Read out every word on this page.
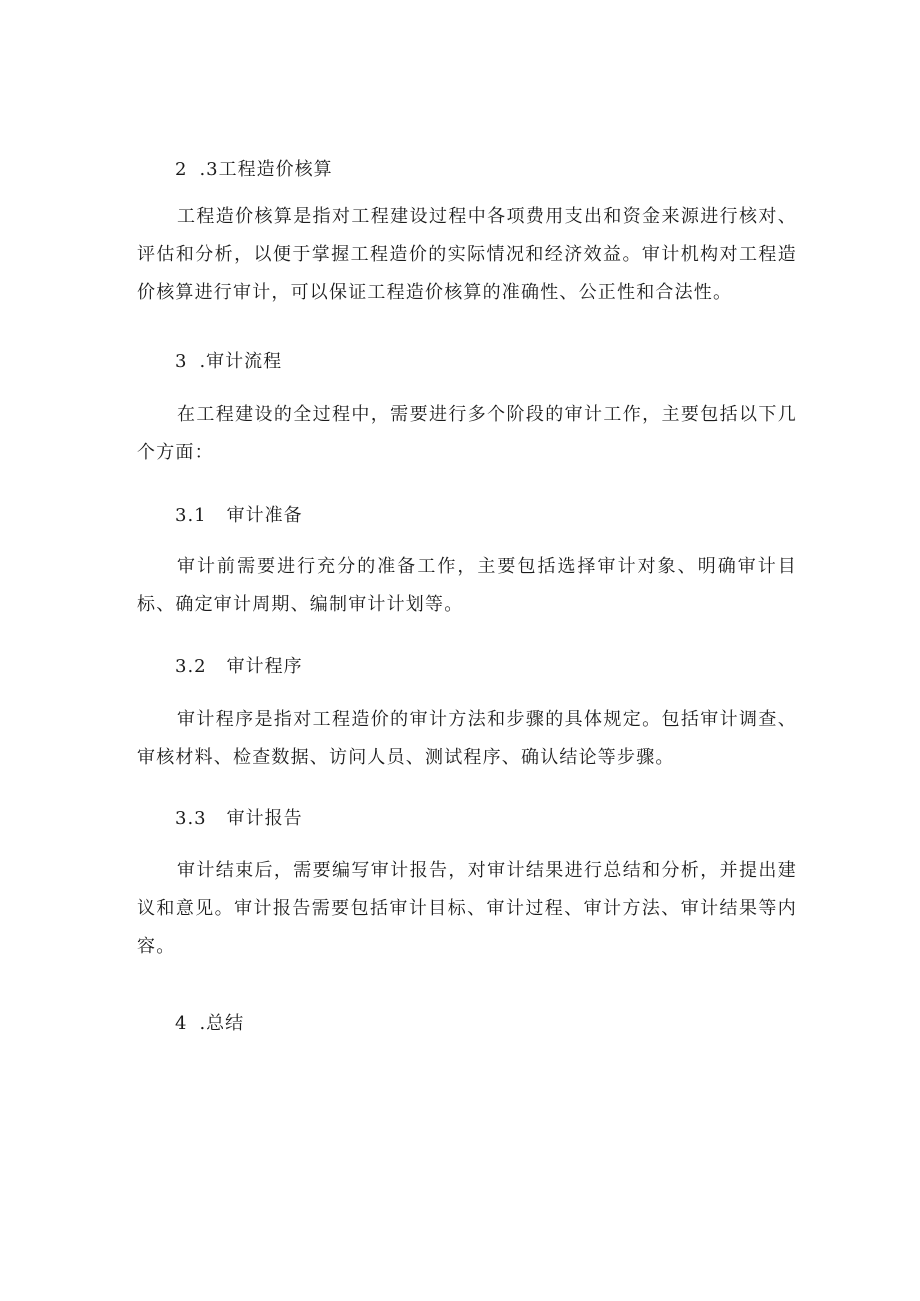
2 .3工程造价核算
工程造价核算是指对工程建设过程中各项费用支出和资金来源进行核对、评估和分析，以便于掌握工程造价的实际情况和经济效益。审计机构对工程造价核算进行审计，可以保证工程造价核算的准确性、公正性和合法性。
3 .审计流程
在工程建设的全过程中，需要进行多个阶段的审计工作，主要包括以下几个方面：
3.1 审计准备
审计前需要进行充分的准备工作，主要包括选择审计对象、明确审计目标、确定审计周期、编制审计计划等。
3.2 审计程序
审计程序是指对工程造价的审计方法和步骤的具体规定。包括审计调查、审核材料、检查数据、访问人员、测试程序、确认结论等步骤。
3.3 审计报告
审计结束后，需要编写审计报告，对审计结果进行总结和分析，并提出建议和意见。审计报告需要包括审计目标、审计过程、审计方法、审计结果等内容。
4 .总结
